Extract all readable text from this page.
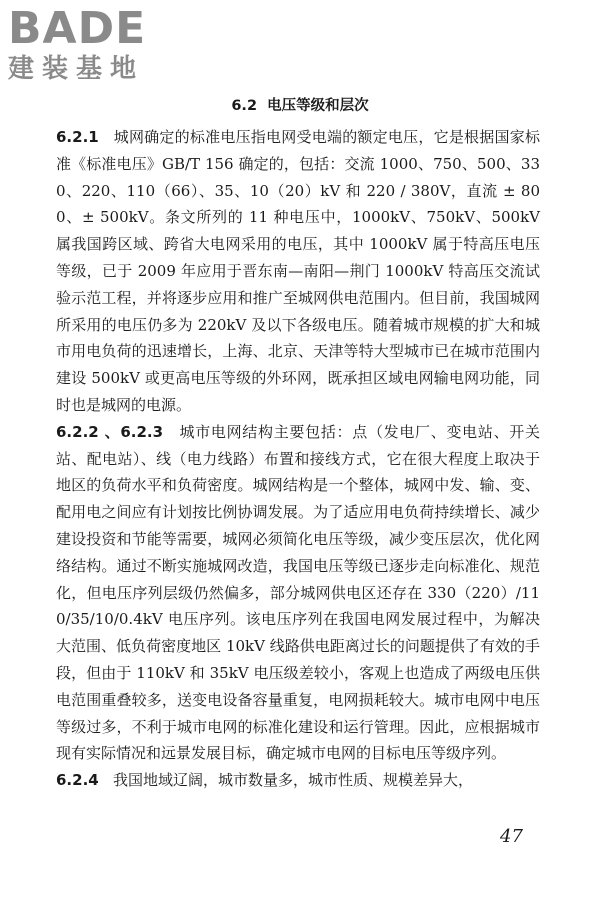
BADE
建装基地
6.2  电压等级和层次

6.2.1 城网确定的标准电压指电网受电端的额定电压，它是根据国家标准《标准电压》GB/T 156 确定的，包括：交流 1000、750、500、330、220、110（66）、35、10（20）kV 和 220 / 380V，直流 ± 800、± 500kV。条文所列的 11 种电压中，1000kV、750kV、500kV 属我国跨区域、跨省大电网采用的电压，其中 1000kV 属于特高压电压等级，已于 2009 年应用于晋东南—南阳—荆门 1000kV 特高压交流试验示范工程，并将逐步应用和推广至城网供电范围内。但目前，我国城网所采用的电压仍多为 220kV 及以下各级电压。随着城市规模的扩大和城市用电负荷的迅速增长，上海、北京、天津等特大型城市已在城市范围内建设 500kV 或更高电压等级的外环网，既承担区域电网输电网功能，同时也是城网的电源。

6.2.2 、6.2.3 城市电网结构主要包括：点（发电厂、变电站、开关站、配电站）、线（电力线路）布置和接线方式，它在很大程度上取决于地区的负荷水平和负荷密度。城网结构是一个整体，城网中发、输、变、配用电之间应有计划按比例协调发展。为了适应用电负荷持续增长、减少建设投资和节能等需要，城网必须简化电压等级，减少变压层次，优化网络结构。通过不断实施城网改造，我国电压等级已逐步走向标准化、规范化，但电压序列层级仍然偏多，部分城网供电区还存在 330（220）/110/35/10/0.4kV 电压序列。该电压序列在我国电网发展过程中，为解决大范围、低负荷密度地区 10kV 线路供电距离过长的问题提供了有效的手段，但由于 110kV 和 35kV 电压级差较小，客观上也造成了两级电压供电范围重叠较多，送变电设备容量重复，电网损耗较大。城市电网中电压等级过多，不利于城市电网的标准化建设和运行管理。因此，应根据城市现有实际情况和远景发展目标，确定城市电网的目标电压等级序列。

6.2.4 我国地域辽阔，城市数量多，城市性质、规模差异大，

47
